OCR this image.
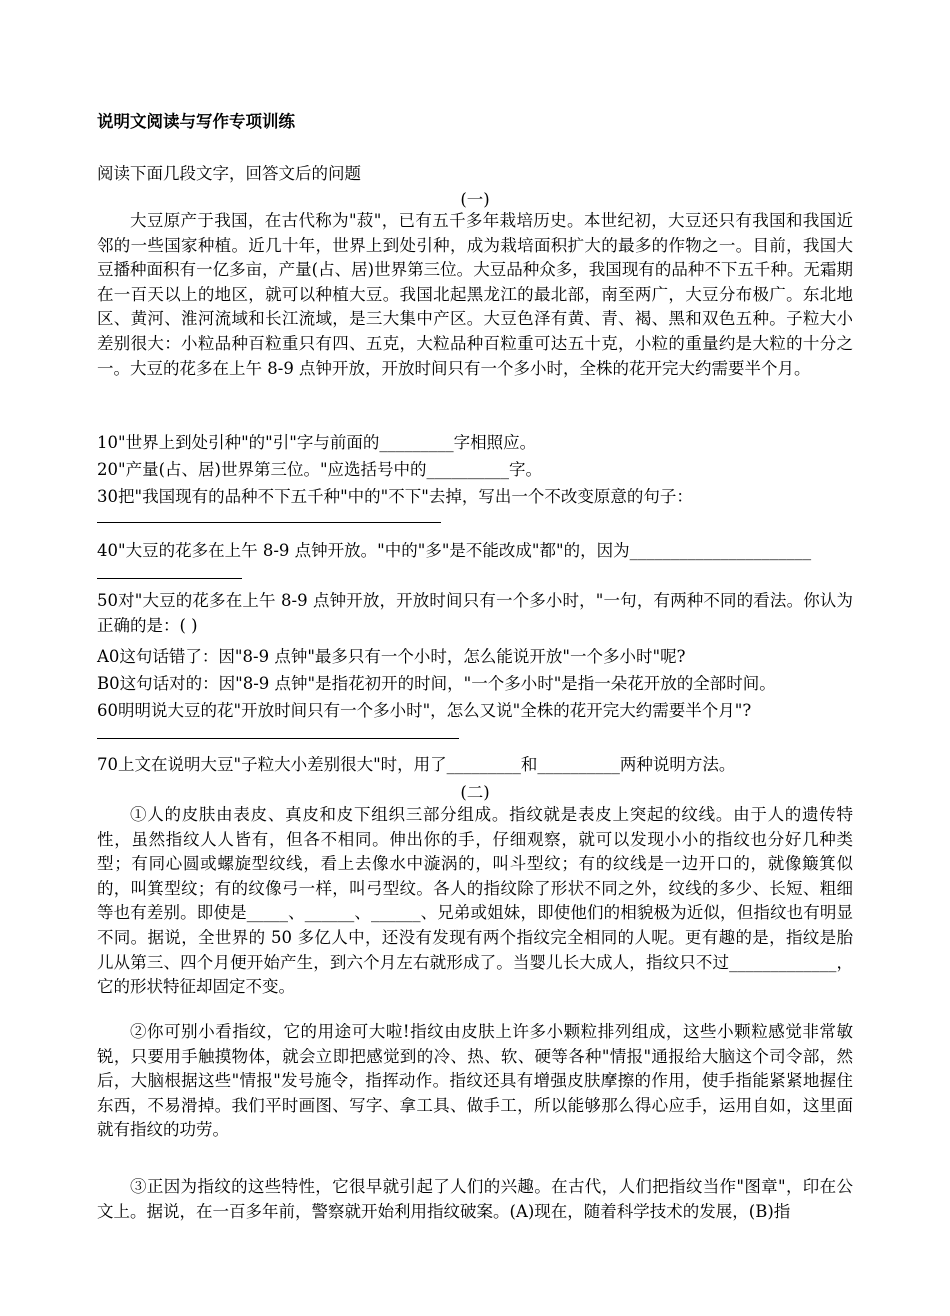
说明文阅读与写作专项训练
阅读下面几段文字，回答文后的问题
(一)
大豆原产于我国，在古代称为"菽"，已有五千多年栽培历史。本世纪初，大豆还只有我国和我国近邻的一些国家种植。近几十年，世界上到处引种，成为栽培面积扩大的最多的作物之一。目前，我国大豆播种面积有一亿多亩，产量(占、居)世界第三位。大豆品种众多，我国现有的品种不下五千种。无霜期在一百天以上的地区，就可以种植大豆。我国北起黑龙江的最北部，南至两广，大豆分布极广。东北地区、黄河、淮河流域和长江流域，是三大集中产区。大豆色泽有黄、青、褐、黑和双色五种。子粒大小差别很大：小粒品种百粒重只有四、五克，大粒品种百粒重可达五十克，小粒的重量约是大粒的十分之一。大豆的花多在上午 8-9 点钟开放，开放时间只有一个多小时，全株的花开完大约需要半个月。
10"世界上到处引种"的"引"字与前面的_________字相照应。
20"产量(占、居)世界第三位。"应选括号中的__________字。
30把"我国现有的品种不下五千种"中的"不下"去掉，写出一个不改变原意的句子：
40"大豆的花多在上午 8-9 点钟开放。"中的"多"是不能改成"都"的，因为______________________
50对"大豆的花多在上午 8-9 点钟开放，开放时间只有一个多小时，"一句，有两种不同的看法。你认为正确的是：( )
A0这句话错了：因"8-9 点钟"最多只有一个小时，怎么能说开放"一个多小时"呢?
B0这句话对的：因"8-9 点钟"是指花初开的时间，"一个多小时"是指一朵花开放的全部时间。
60明明说大豆的花"开放时间只有一个多小时"，怎么又说"全株的花开完大约需要半个月"?
70上文在说明大豆"子粒大小差别很大"时，用了_________和__________两种说明方法。
(二)
①人的皮肤由表皮、真皮和皮下组织三部分组成。指纹就是表皮上突起的纹线。由于人的遗传特性，虽然指纹人人皆有，但各不相同。伸出你的手，仔细观察，就可以发现小小的指纹也分好几种类型；有同心圆或螺旋型纹线，看上去像水中漩涡的，叫斗型纹；有的纹线是一边开口的，就像簸箕似的，叫箕型纹；有的纹像弓一样，叫弓型纹。各人的指纹除了形状不同之外，纹线的多少、长短、粗细等也有差别。即使是_____、______、______、兄弟或姐妹，即使他们的相貌极为近似，但指纹也有明显不同。据说，全世界的 50 多亿人中，还没有发现有两个指纹完全相同的人呢。更有趣的是，指纹是胎儿从第三、四个月便开始产生，到六个月左右就形成了。当婴儿长大成人，指纹只不过_____________，它的形状特征却固定不变。
②你可别小看指纹，它的用途可大啦!指纹由皮肤上许多小颗粒排列组成，这些小颗粒感觉非常敏锐，只要用手触摸物体，就会立即把感觉到的冷、热、软、硬等各种"情报"通报给大脑这个司令部，然后，大脑根据这些"情报"发号施令，指挥动作。指纹还具有增强皮肤摩擦的作用，使手指能紧紧地握住东西，不易滑掉。我们平时画图、写字、拿工具、做手工，所以能够那么得心应手，运用自如，这里面就有指纹的功劳。
③正因为指纹的这些特性，它很早就引起了人们的兴趣。在古代，人们把指纹当作"图章"，印在公文上。据说，在一百多年前，警察就开始利用指纹破案。(A)现在，随着科学技术的发展，(B)指
